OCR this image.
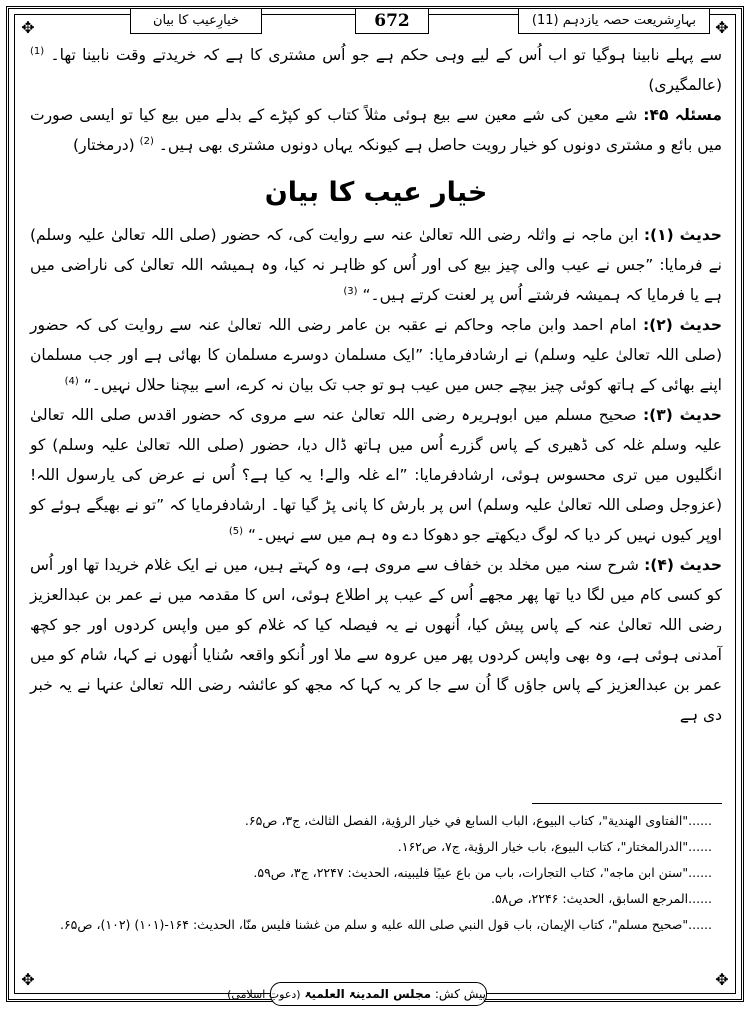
✥	✥
✥	✥
بہارِشریعت حصہ یازدہم (11)
672
خیارِعیب کا بیان

سے پہلے نابینا ہوگیا تو اب اُس کے لیے وہی حکم ہے جو اُس مشتری کا ہے کہ خریدتے وقت نابینا تھا۔ $^{(1)}$ (عالمگیری)

مسئلہ ۴۵: شے معین کی شے معین سے بیع ہوئی مثلاً کتاب کو کپڑے کے بدلے میں بیع کیا تو ایسی صورت میں بائع و مشتری دونوں کو خیار رویت حاصل ہے کیونکہ یہاں دونوں مشتری بھی ہیں۔ $^{(2)}$ (درمختار)

خیار عیب کا بیان

حدیث (۱): ابن ماجہ نے واثلہ رضی اللہ تعالیٰ عنہ سے روایت کی، کہ حضور (صلی اللہ تعالیٰ علیہ وسلم) نے فرمایا: ”جس نے عیب والی چیز بیع کی اور اُس کو ظاہر نہ کیا، وہ ہمیشہ اللہ تعالیٰ کی ناراضی میں ہے یا فرمایا کہ ہمیشہ فرشتے اُس پر لعنت کرتے ہیں۔“ $^{(3)}$

حدیث (۲): امام احمد وابن ماجہ وحاکم نے عقبہ بن عامر رضی اللہ تعالیٰ عنہ سے روایت کی کہ حضور (صلی اللہ تعالیٰ علیہ وسلم) نے ارشادفرمایا: ”ایک مسلمان دوسرے مسلمان کا بھائی ہے اور جب مسلمان اپنے بھائی کے ہاتھ کوئی چیز بیچے جس میں عیب ہو تو جب تک بیان نہ کرے، اسے بیچنا حلال نہیں۔“ $^{(4)}$

حدیث (۳): صحیح مسلم میں ابوہریرہ رضی اللہ تعالیٰ عنہ سے مروی کہ حضور اقدس صلی اللہ تعالیٰ علیہ وسلم غلہ کی ڈھیری کے پاس گزرے اُس میں ہاتھ ڈال دیا، حضور (صلی اللہ تعالیٰ علیہ وسلم) کو انگلیوں میں تری محسوس ہوئی، ارشادفرمایا: ”اے غلہ والے! یہ کیا ہے؟ اُس نے عرض کی یارسول اللہ! (عزوجل وصلی اللہ تعالیٰ علیہ وسلم) اس پر بارش کا پانی پڑ گیا تھا۔ ارشادفرمایا کہ ”تو نے بھیگے ہوئے کو اوپر کیوں نہیں کر دیا کہ لوگ دیکھتے جو دھوکا دے وہ ہم میں سے نہیں۔“ $^{(5)}$

حدیث (۴): شرح سنہ میں مخلد بن خفاف سے مروی ہے، وہ کہتے ہیں، میں نے ایک غلام خریدا تھا اور اُس کو کسی کام میں لگا دیا تھا پھر مجھے اُس کے عیب پر اطلاع ہوئی، اس کا مقدمہ میں نے عمر بن عبدالعزیز رضی اللہ تعالیٰ عنہ کے پاس پیش کیا، اُنھوں نے یہ فیصلہ کیا کہ غلام کو میں واپس کردوں اور جو کچھ آمدنی ہوئی ہے، وہ بھی واپس کردوں پھر میں عروہ سے ملا اور اُنکو واقعہ سُنایا اُنھوں نے کہا، شام کو میں عمر بن عبدالعزیز کے پاس جاؤں گا اُن سے جا کر یہ کہا کہ مجھ کو عائشہ رضی اللہ تعالیٰ عنہا نے یہ خبر دی ہے

......"الفتاوى الهندية"، كتاب البيوع، الباب السابع في خيار الرؤية، الفصل الثالث، ج۳، ص۶۵.
......"الدرالمختار"، كتاب البيوع، باب خيار الرؤية، ج۷، ص۱۶۲.
......"سنن ابن ماجه"، كتاب التجارات، باب من باع عيبًا فليبينه، الحديث: ۲۲۴۷، ج۳، ص۵۹.
......المرجع السابق، الحديث: ۲۲۴۶، ص۵۸.
......"صحيح مسلم"، كتاب الإيمان، باب قول النبي صلى الله عليه و سلم من غشنا فليس منّا، الحديث: ۱۶۴-(۱۰۱) (۱۰۲)، ص۶۵.
پیش کش: مجلس المدینۃ العلمیۃ (دعوتِ اسلامی)
